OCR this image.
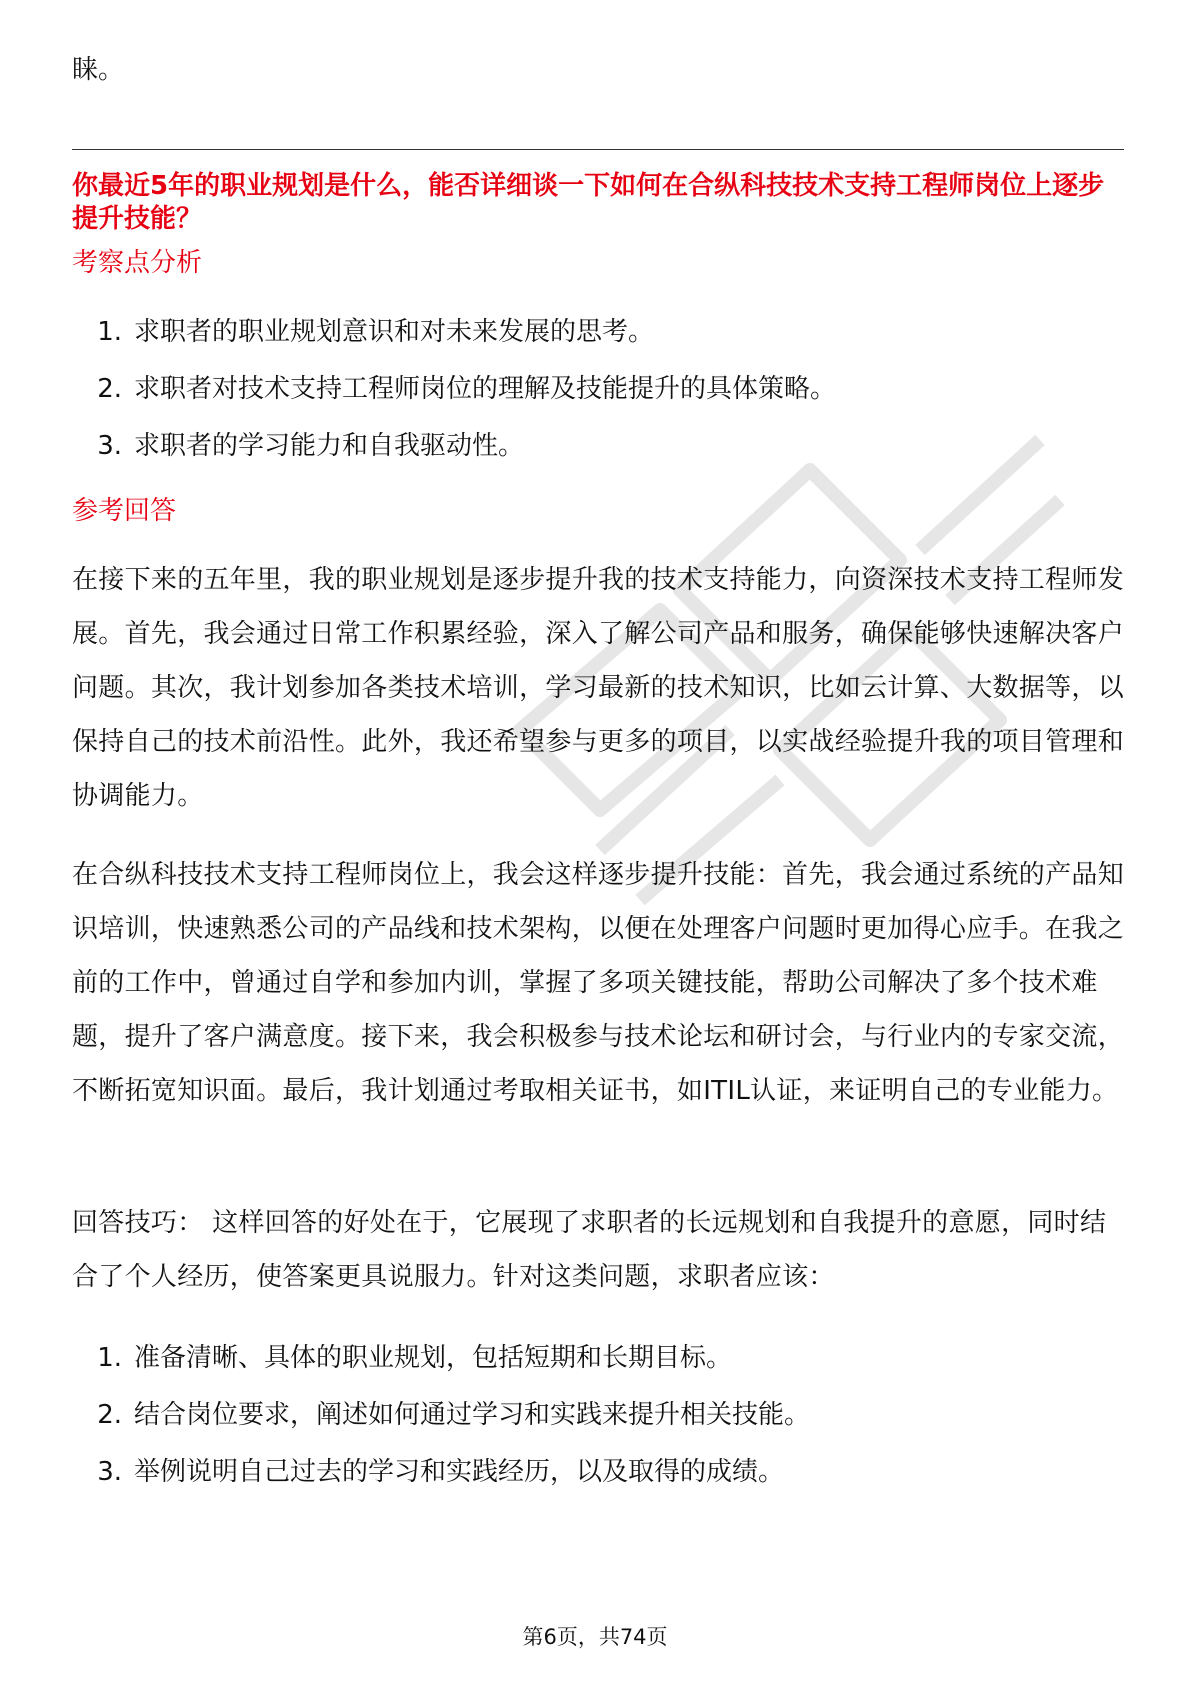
睐。

你最近5年的职业规划是什么，能否详细谈一下如何在合纵科技技术支持工程师岗位上逐步提升技能？
考察点分析
1. 求职者的职业规划意识和对未来发展的思考。
2. 求职者对技术支持工程师岗位的理解及技能提升的具体策略。
3. 求职者的学习能力和自我驱动性。
参考回答

在接下来的五年里，我的职业规划是逐步提升我的技术支持能力，向资深技术支持工程师发展。首先，我会通过日常工作积累经验，深入了解公司产品和服务，确保能够快速解决客户问题。其次，我计划参加各类技术培训，学习最新的技术知识，比如云计算、大数据等，以保持自己的技术前沿性。此外，我还希望参与更多的项目，以实战经验提升我的项目管理和协调能力。

在合纵科技技术支持工程师岗位上，我会这样逐步提升技能：首先，我会通过系统的产品知识培训，快速熟悉公司的产品线和技术架构，以便在处理客户问题时更加得心应手。在我之前的工作中，曾通过自学和参加内训，掌握了多项关键技能，帮助公司解决了多个技术难题，提升了客户满意度。接下来，我会积极参与技术论坛和研讨会，与行业内的专家交流，不断拓宽知识面。最后，我计划通过考取相关证书，如ITIL认证，来证明自己的专业能力。

回答技巧： 这样回答的好处在于，它展现了求职者的长远规划和自我提升的意愿，同时结合了个人经历，使答案更具说服力。针对这类问题，求职者应该：

1. 准备清晰、具体的职业规划，包括短期和长期目标。
2. 结合岗位要求，阐述如何通过学习和实践来提升相关技能。
3. 举例说明自己过去的学习和实践经历，以及取得的成绩。
第6页，共74页
